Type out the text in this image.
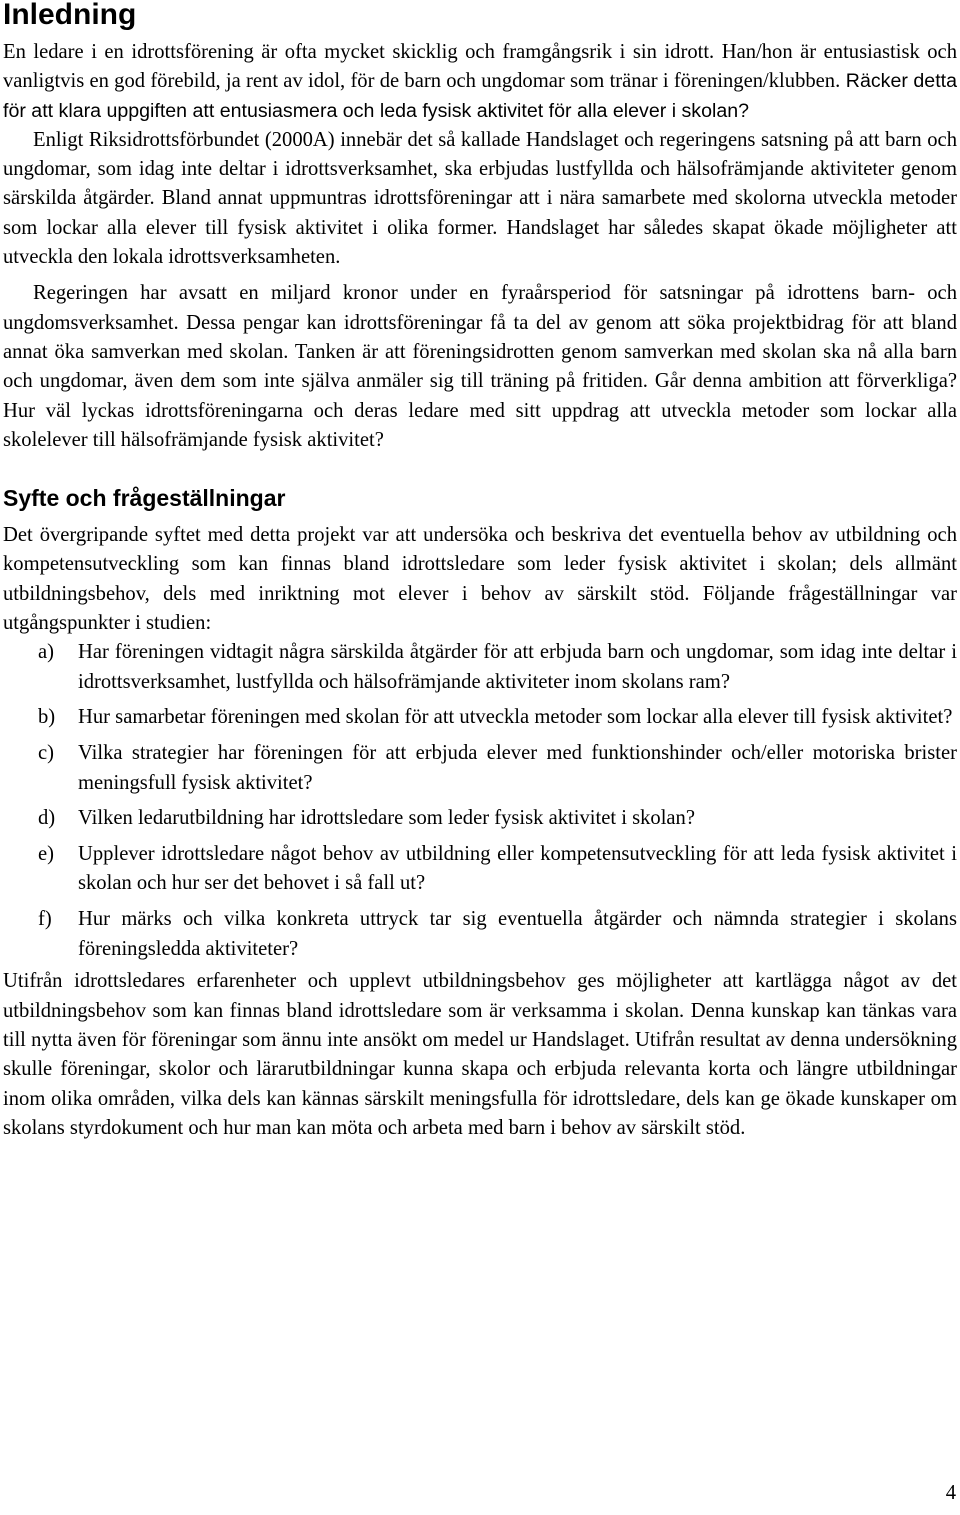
Inledning

En ledare i en idrottsförening är ofta mycket skicklig och framgångsrik i sin idrott. Han/hon är entusiastisk och vanligtvis en god förebild, ja rent av idol, för de barn och ungdomar som tränar i föreningen/klubben. Räcker detta för att klara uppgiften att entusiasmera och leda fysisk aktivitet för alla elever i skolan?

Enligt Riksidrottsförbundet (2000A) innebär det så kallade Handslaget och regeringens satsning på att barn och ungdomar, som idag inte deltar i idrottsverksamhet, ska erbjudas lustfyllda och hälsofrämjande aktiviteter genom särskilda åtgärder. Bland annat uppmuntras idrottsföreningar att i nära samarbete med skolorna utveckla metoder som lockar alla elever till fysisk aktivitet i olika former. Handslaget har således skapat ökade möjligheter att utveckla den lokala idrottsverksamheten.

Regeringen har avsatt en miljard kronor under en fyraårsperiod för satsningar på idrottens barn- och ungdomsverksamhet. Dessa pengar kan idrottsföreningar få ta del av genom att söka projektbidrag för att bland annat öka samverkan med skolan. Tanken är att föreningsidrotten genom samverkan med skolan ska nå alla barn och ungdomar, även dem som inte själva anmäler sig till träning på fritiden. Går denna ambition att förverkliga? Hur väl lyckas idrottsföreningarna och deras ledare med sitt uppdrag att utveckla metoder som lockar alla skolelever till hälsofrämjande fysisk aktivitet?

Syfte och frågeställningar

Det övergripande syftet med detta projekt var att undersöka och beskriva det eventuella behov av utbildning och kompetensutveckling som kan finnas bland idrottsledare som leder fysisk aktivitet i skolan; dels allmänt utbildningsbehov, dels med inriktning mot elever i behov av särskilt stöd. Följande frågeställningar var utgångspunkter i studien:

a) Har föreningen vidtagit några särskilda åtgärder för att erbjuda barn och ungdomar, som idag inte deltar i idrottsverksamhet, lustfyllda och hälsofrämjande aktiviteter inom skolans ram?
b) Hur samarbetar föreningen med skolan för att utveckla metoder som lockar alla elever till fysisk aktivitet?
c) Vilka strategier har föreningen för att erbjuda elever med funktionshinder och/eller motoriska brister meningsfull fysisk aktivitet?
d) Vilken ledarutbildning har idrottsledare som leder fysisk aktivitet i skolan?
e) Upplever idrottsledare något behov av utbildning eller kompetensutveckling för att leda fysisk aktivitet i skolan och hur ser det behovet i så fall ut?
f) Hur märks och vilka konkreta uttryck tar sig eventuella åtgärder och nämnda strategier i skolans föreningsledda aktiviteter?

Utifrån idrottsledares erfarenheter och upplevt utbildningsbehov ges möjligheter att kartlägga något av det utbildningsbehov som kan finnas bland idrottsledare som är verksamma i skolan. Denna kunskap kan tänkas vara till nytta även för föreningar som ännu inte ansökt om medel ur Handslaget. Utifrån resultat av denna undersökning skulle föreningar, skolor och lärarutbildningar kunna skapa och erbjuda relevanta korta och längre utbildningar inom olika områden, vilka dels kan kännas särskilt meningsfulla för idrottsledare, dels kan ge ökade kunskaper om skolans styrdokument och hur man kan möta och arbeta med barn i behov av särskilt stöd.

4
